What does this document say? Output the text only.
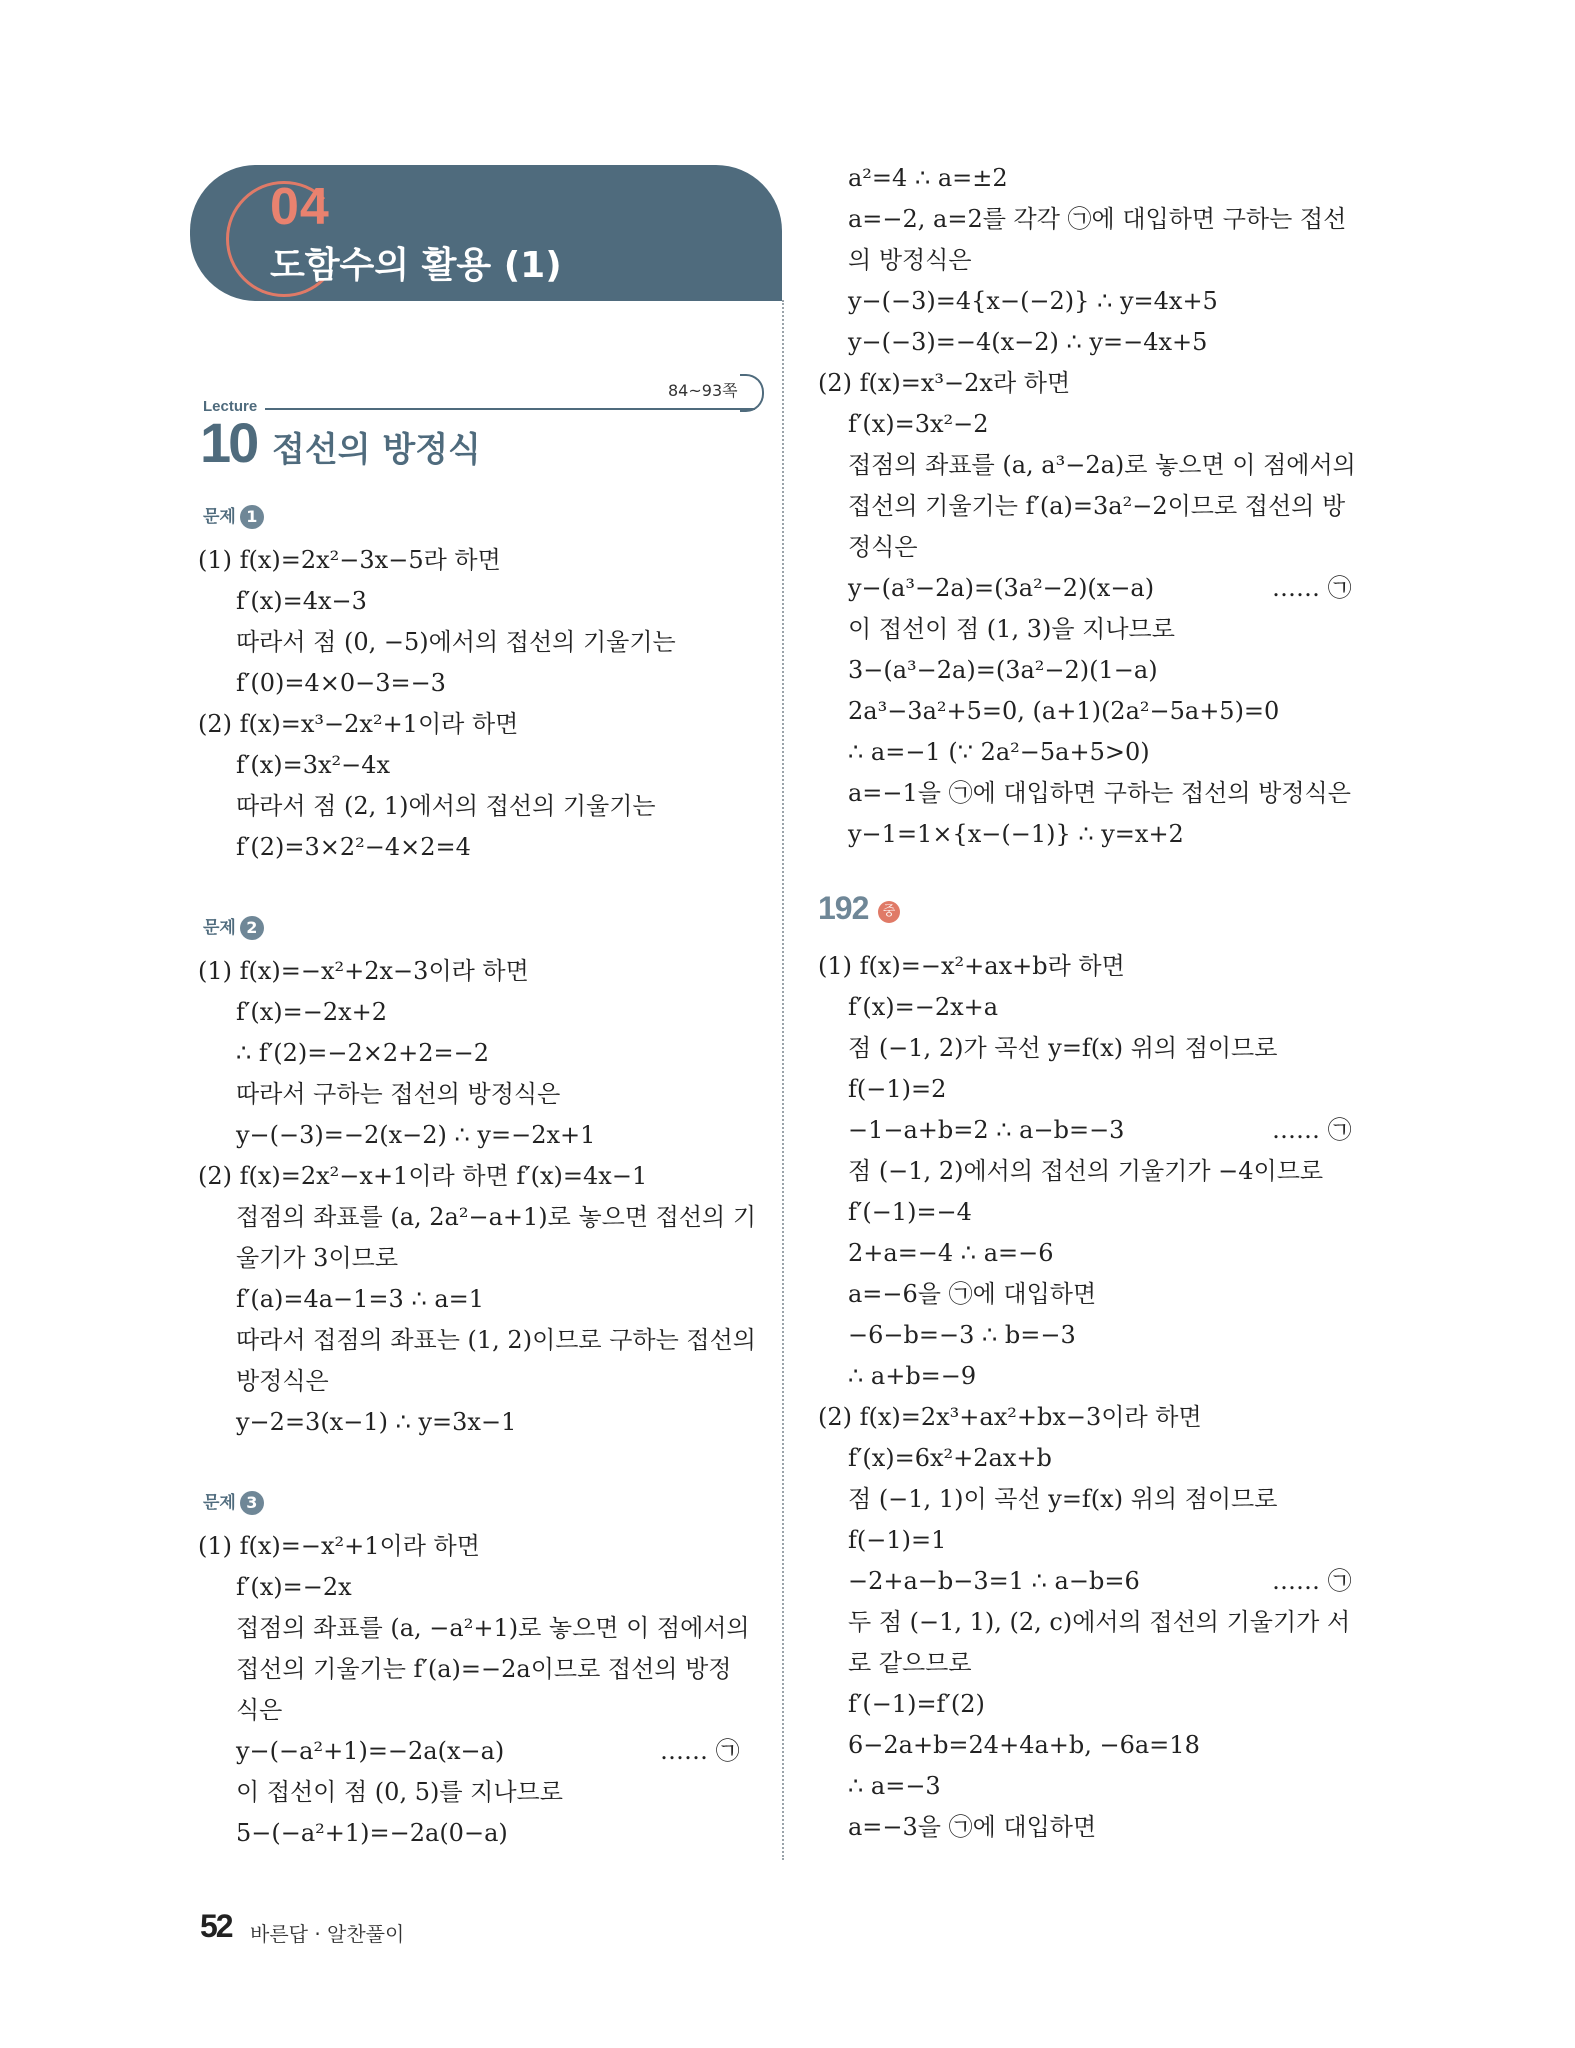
04
도함수의 활용 (1)
Lecture
84~93쪽
10 접선의 방정식
문제 1
문제 2
문제 3
(1) f(x)=2x²−3x−5라 하면
f′(x)=4x−3
따라서 점 (0, −5)에서의 접선의 기울기는
f′(0)=4×0−3=−3
(2) f(x)=x³−2x²+1이라 하면
f′(x)=3x²−4x
따라서 점 (2, 1)에서의 접선의 기울기는
f′(2)=3×2²−4×2=4
(1) f(x)=−x²+2x−3이라 하면
f′(x)=−2x+2
∴ f′(2)=−2×2+2=−2
따라서 구하는 접선의 방정식은
y−(−3)=−2(x−2) ∴ y=−2x+1
(2) f(x)=2x²−x+1이라 하면 f′(x)=4x−1
접점의 좌표를 (a, 2a²−a+1)로 놓으면 접선의 기
울기가 3이므로
f′(a)=4a−1=3 ∴ a=1
따라서 접점의 좌표는 (1, 2)이므로 구하는 접선의
방정식은
y−2=3(x−1) ∴ y=3x−1
(1) f(x)=−x²+1이라 하면
f′(x)=−2x
접점의 좌표를 (a, −a²+1)로 놓으면 이 점에서의
접선의 기울기는 f′(a)=−2a이므로 접선의 방정
식은
y−(−a²+1)=−2a(x−a)	…… ㉠
이 접선이 점 (0, 5)를 지나므로
5−(−a²+1)=−2a(0−a)
a²=4 ∴ a=±2
a=−2, a=2를 각각 ㉠에 대입하면 구하는 접선
의 방정식은
y−(−3)=4{x−(−2)} ∴ y=4x+5
y−(−3)=−4(x−2) ∴ y=−4x+5
(2) f(x)=x³−2x라 하면
f′(x)=3x²−2
접점의 좌표를 (a, a³−2a)로 놓으면 이 점에서의
접선의 기울기는 f′(a)=3a²−2이므로 접선의 방
정식은
y−(a³−2a)=(3a²−2)(x−a)	…… ㉠
이 접선이 점 (1, 3)을 지나므로
3−(a³−2a)=(3a²−2)(1−a)
2a³−3a²+5=0, (a+1)(2a²−5a+5)=0
∴ a=−1 (∵ 2a²−5a+5>0)
a=−1을 ㉠에 대입하면 구하는 접선의 방정식은
y−1=1×{x−(−1)} ∴ y=x+2
192	중
(1) f(x)=−x²+ax+b라 하면
f′(x)=−2x+a
점 (−1, 2)가 곡선 y=f(x) 위의 점이므로
f(−1)=2
−1−a+b=2 ∴ a−b=−3	…… ㉠
점 (−1, 2)에서의 접선의 기울기가 −4이므로
f′(−1)=−4
2+a=−4 ∴ a=−6
a=−6을 ㉠에 대입하면
−6−b=−3 ∴ b=−3
∴ a+b=−9
(2) f(x)=2x³+ax²+bx−3이라 하면
f′(x)=6x²+2ax+b
점 (−1, 1)이 곡선 y=f(x) 위의 점이므로
f(−1)=1
−2+a−b−3=1 ∴ a−b=6	…… ㉠
두 점 (−1, 1), (2, c)에서의 접선의 기울기가 서
로 같으므로
f′(−1)=f′(2)
6−2a+b=24+4a+b, −6a=18
∴ a=−3
a=−3을 ㉠에 대입하면
52 바른답 · 알찬풀이
